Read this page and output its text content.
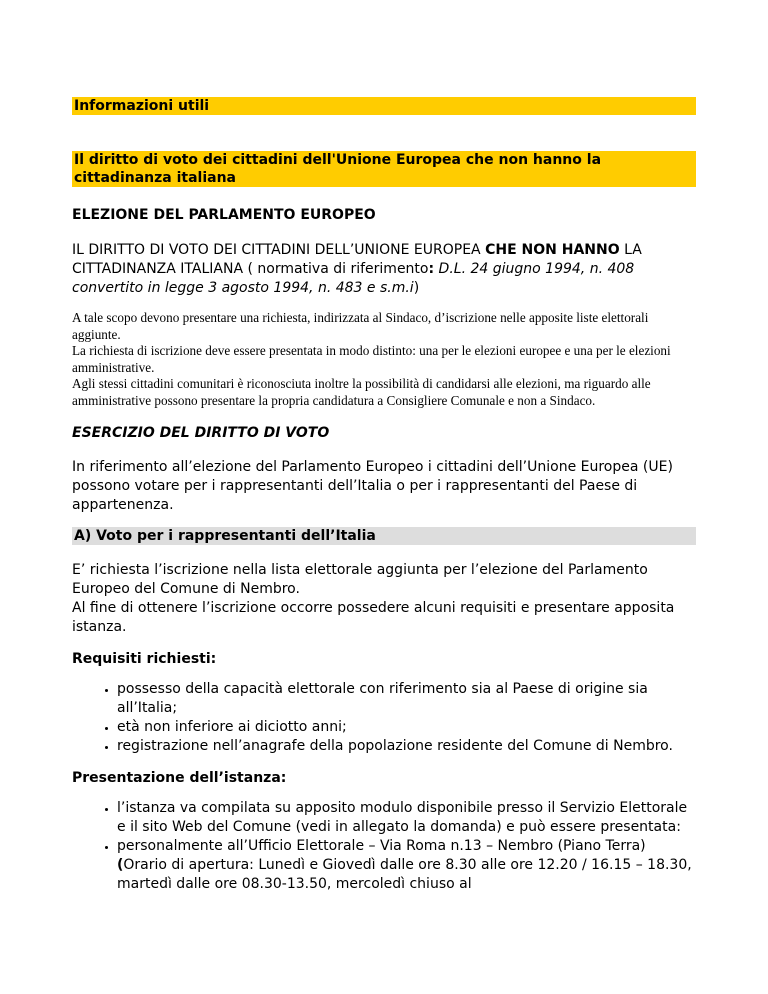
Informazioni utili

Il diritto di voto dei cittadini dell'Unione Europea che non hanno la cittadinanza italiana

ELEZIONE DEL PARLAMENTO EUROPEO

IL DIRITTO DI VOTO DEI CITTADINI DELL’UNIONE EUROPEA CHE NON HANNO LA CITTADINANZA ITALIANA ( normativa di riferimento: D.L. 24 giugno 1994, n. 408 convertito in legge 3 agosto 1994, n. 483 e s.m.i)

A tale scopo devono presentare una richiesta, indirizzata al Sindaco, d’iscrizione nelle apposite liste elettorali aggiunte.

La richiesta di iscrizione deve essere presentata in modo distinto: una per le elezioni europee e una per le elezioni amministrative.

Agli stessi cittadini comunitari è riconosciuta inoltre la possibilità di candidarsi alle elezioni, ma riguardo alle amministrative possono presentare la propria candidatura a Consigliere Comunale e non a Sindaco.

ESERCIZIO DEL DIRITTO DI VOTO

In riferimento all’elezione del Parlamento Europeo i cittadini dell’Unione Europea (UE) possono votare per i rappresentanti dell’Italia o per i rappresentanti del Paese di appartenenza.

A) Voto per i rappresentanti dell’Italia

E’ richiesta l’iscrizione nella lista elettorale aggiunta per l’elezione del Parlamento Europeo del Comune di Nembro.

Al fine di ottenere l’iscrizione occorre possedere alcuni requisiti e presentare apposita istanza.

Requisiti richiesti:

• possesso della capacità elettorale con riferimento sia al Paese di origine sia all’Italia;
• età non inferiore ai diciotto anni;
• registrazione nell’anagrafe della popolazione residente del Comune di Nembro.

Presentazione dell’istanza:

• l’istanza va compilata su apposito modulo disponibile presso il Servizio Elettorale e il sito Web del Comune (vedi in allegato la domanda) e può essere presentata:
• personalmente all’Ufficio Elettorale – Via Roma n.13 – Nembro (Piano Terra) (Orario di apertura: Lunedì e Giovedì dalle ore 8.30 alle ore 12.20 / 16.15 – 18.30, martedì dalle ore 08.30-13.50, mercoledì chiuso al
